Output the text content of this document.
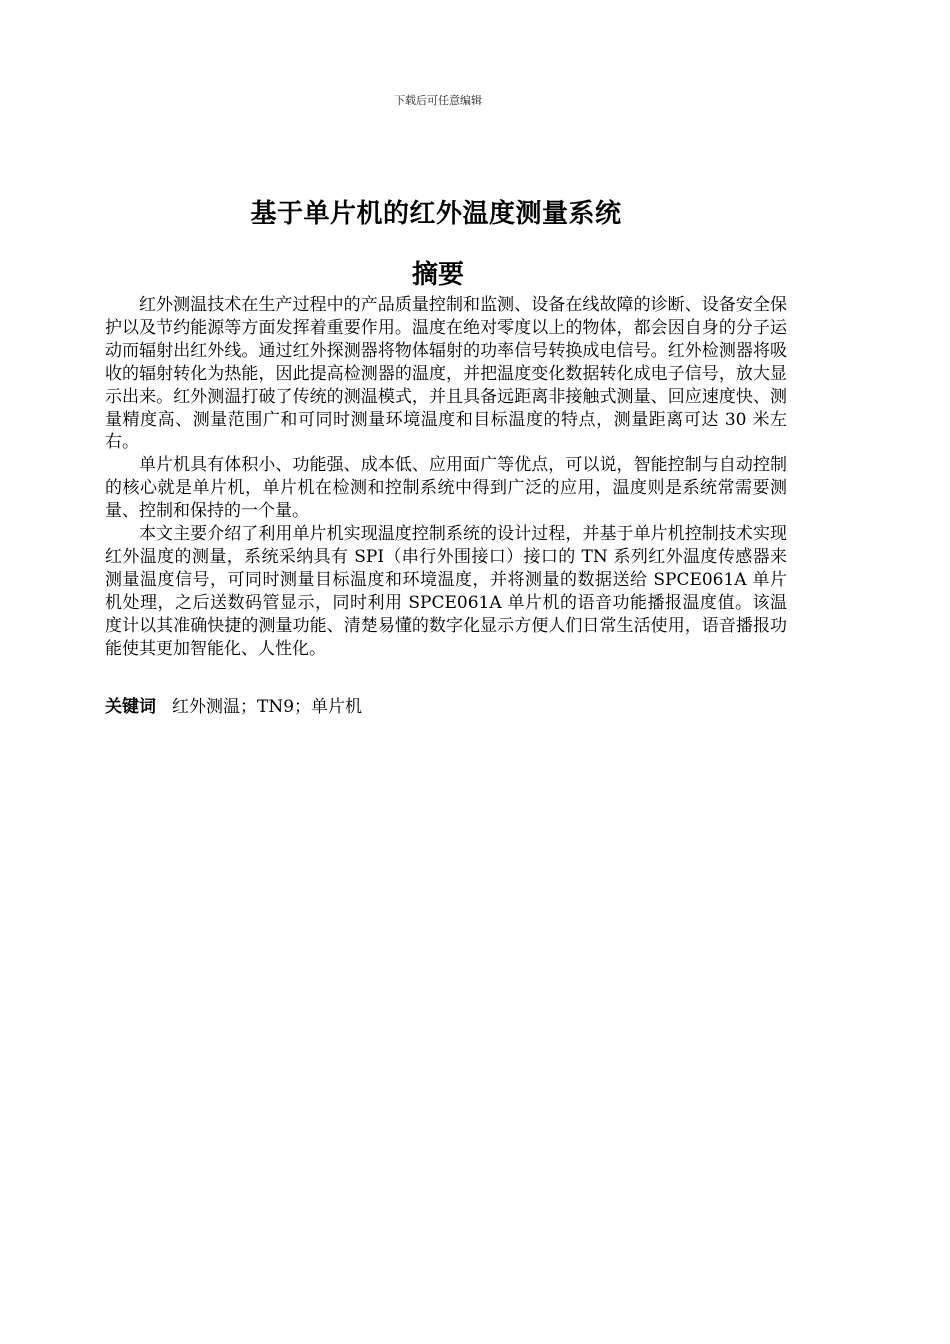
下载后可任意编辑
基于单片机的红外温度测量系统
摘要

红外测温技术在生产过程中的产品质量控制和监测、设备在线故障的诊断、设备安全保护以及节约能源等方面发挥着重要作用。温度在绝对零度以上的物体，都会因自身的分子运动而辐射出红外线。通过红外探测器将物体辐射的功率信号转换成电信号。红外检测器将吸收的辐射转化为热能，因此提高检测器的温度，并把温度变化数据转化成电子信号，放大显示出来。红外测温打破了传统的测温模式，并且具备远距离非接触式测量、回应速度快、测量精度高、测量范围广和可同时测量环境温度和目标温度的特点，测量距离可达 30 米左右。

单片机具有体积小、功能强、成本低、应用面广等优点，可以说，智能控制与自动控制的核心就是单片机，单片机在检测和控制系统中得到广泛的应用，温度则是系统常需要测量、控制和保持的一个量。

本文主要介绍了利用单片机实现温度控制系统的设计过程，并基于单片机控制技术实现红外温度的测量，系统采纳具有 SPI（串行外围接口）接口的 TN 系列红外温度传感器来测量温度信号，可同时测量目标温度和环境温度，并将测量的数据送给 SPCE061A 单片机处理，之后送数码管显示，同时利用 SPCE061A 单片机的语音功能播报温度值。该温度计以其准确快捷的测量功能、清楚易懂的数字化显示方便人们日常生活使用，语音播报功能使其更加智能化、人性化。

关键词 红外测温；TN9；单片机
